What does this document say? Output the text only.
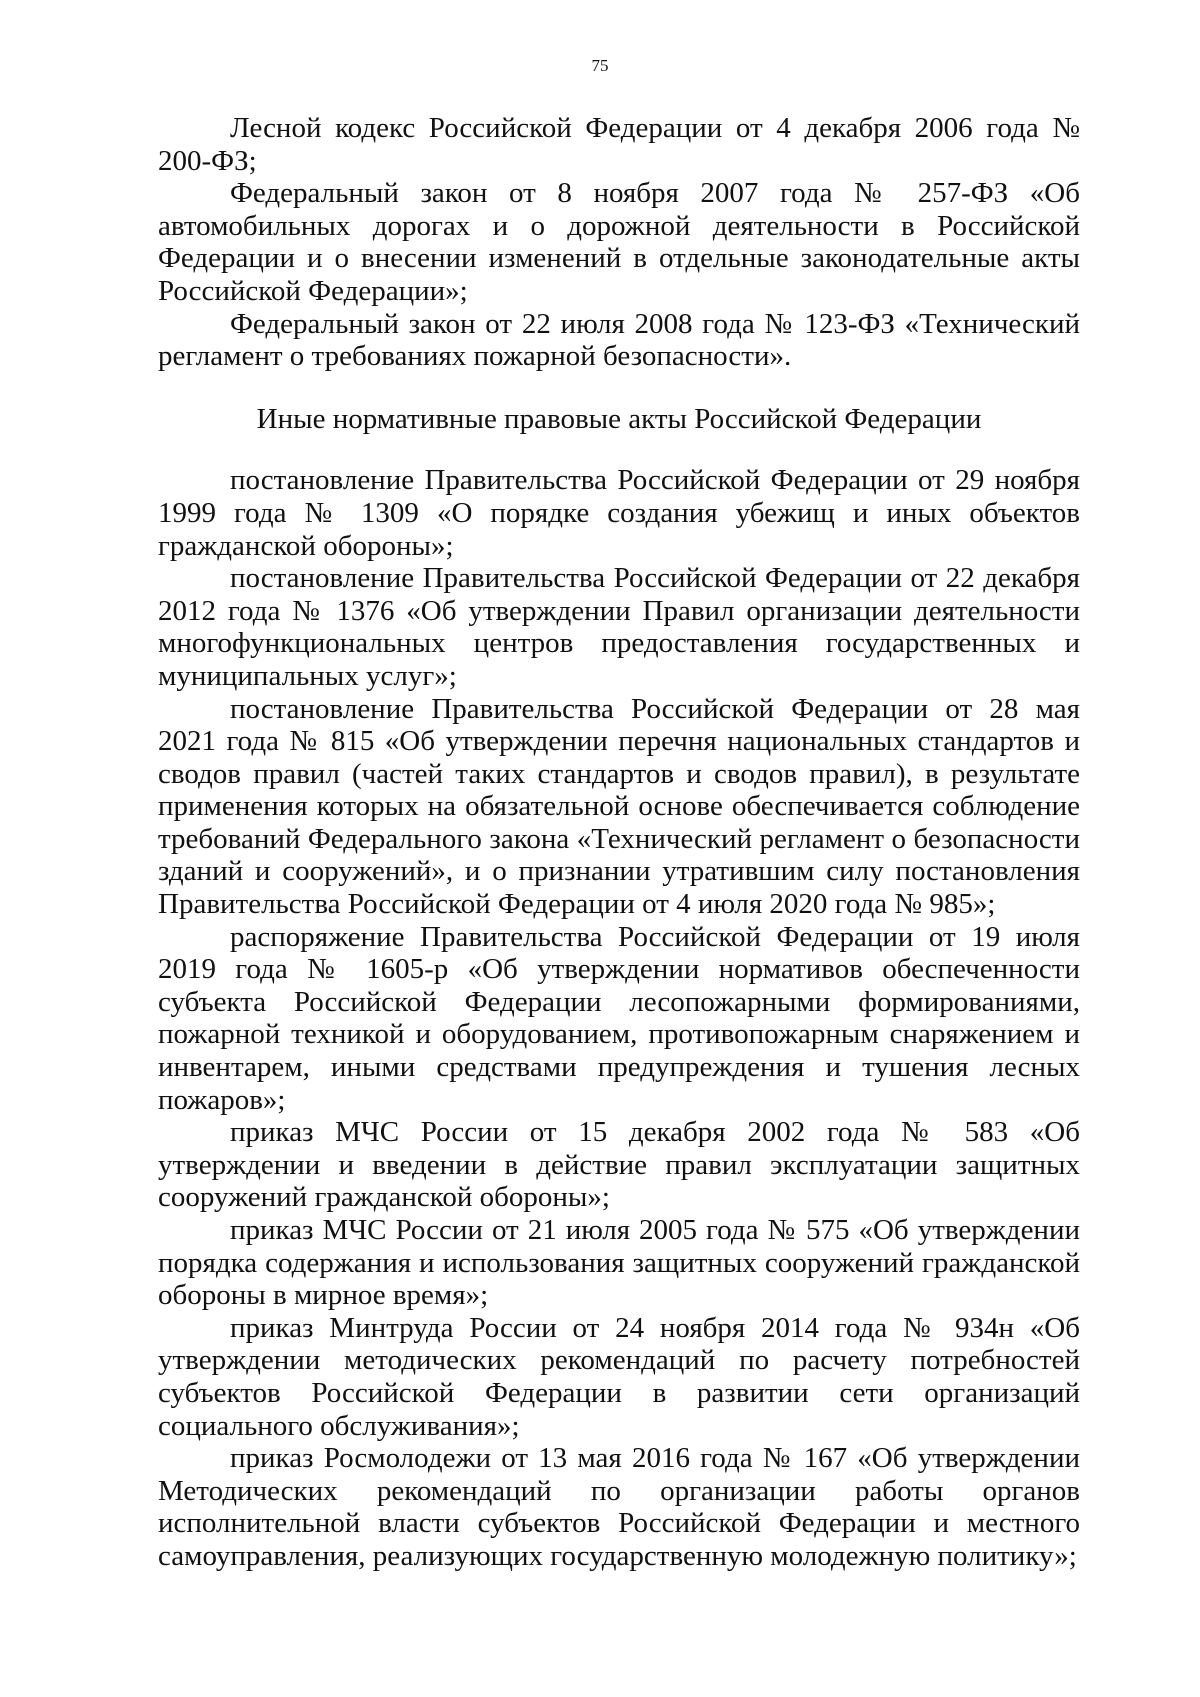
75

Лесной кодекс Российской Федерации от 4 декабря 2006 года № 200-ФЗ;

Федеральный закон от 8 ноября 2007 года № 257-ФЗ «Об автомобильных дорогах и о дорожной деятельности в Российской Федерации и о внесении изменений в отдельные законодательные акты Российской Федерации»;

Федеральный закон от 22 июля 2008 года № 123-ФЗ «Технический регламент о требованиях пожарной безопасности».

Иные нормативные правовые акты Российской Федерации

постановление Правительства Российской Федерации от 29 ноября 1999 года № 1309 «О порядке создания убежищ и иных объектов гражданской обороны»;

постановление Правительства Российской Федерации от 22 декабря 2012 года № 1376 «Об утверждении Правил организации деятельности многофункциональных центров предоставления государственных и муниципальных услуг»;

постановление Правительства Российской Федерации от 28 мая 2021 года № 815 «Об утверждении перечня национальных стандартов и сводов правил (частей таких стандартов и сводов правил), в результате применения которых на обязательной основе обеспечивается соблюдение требований Федерального закона «Технический регламент о безопасности зданий и сооружений», и о признании утратившим силу постановления Правительства Российской Федерации от 4 июля 2020 года № 985»;

распоряжение Правительства Российской Федерации от 19 июля 2019 года № 1605-р «Об утверждении нормативов обеспеченности субъекта Российской Федерации лесопожарными формированиями, пожарной техникой и оборудованием, противопожарным снаряжением и инвентарем, иными средствами предупреждения и тушения лесных пожаров»;

приказ МЧС России от 15 декабря 2002 года № 583 «Об утверждении и введении в действие правил эксплуатации защитных сооружений гражданской обороны»;

приказ МЧС России от 21 июля 2005 года № 575 «Об утверждении порядка содержания и использования защитных сооружений гражданской обороны в мирное время»;

приказ Минтруда России от 24 ноября 2014 года № 934н «Об утверждении методических рекомендаций по расчету потребностей субъектов Российской Федерации в развитии сети организаций социального обслуживания»;

приказ Росмолодежи от 13 мая 2016 года № 167 «Об утверждении Методических рекомендаций по организации работы органов исполнительной власти субъектов Российской Федерации и местного самоуправления, реализующих государственную молодежную политику»;
